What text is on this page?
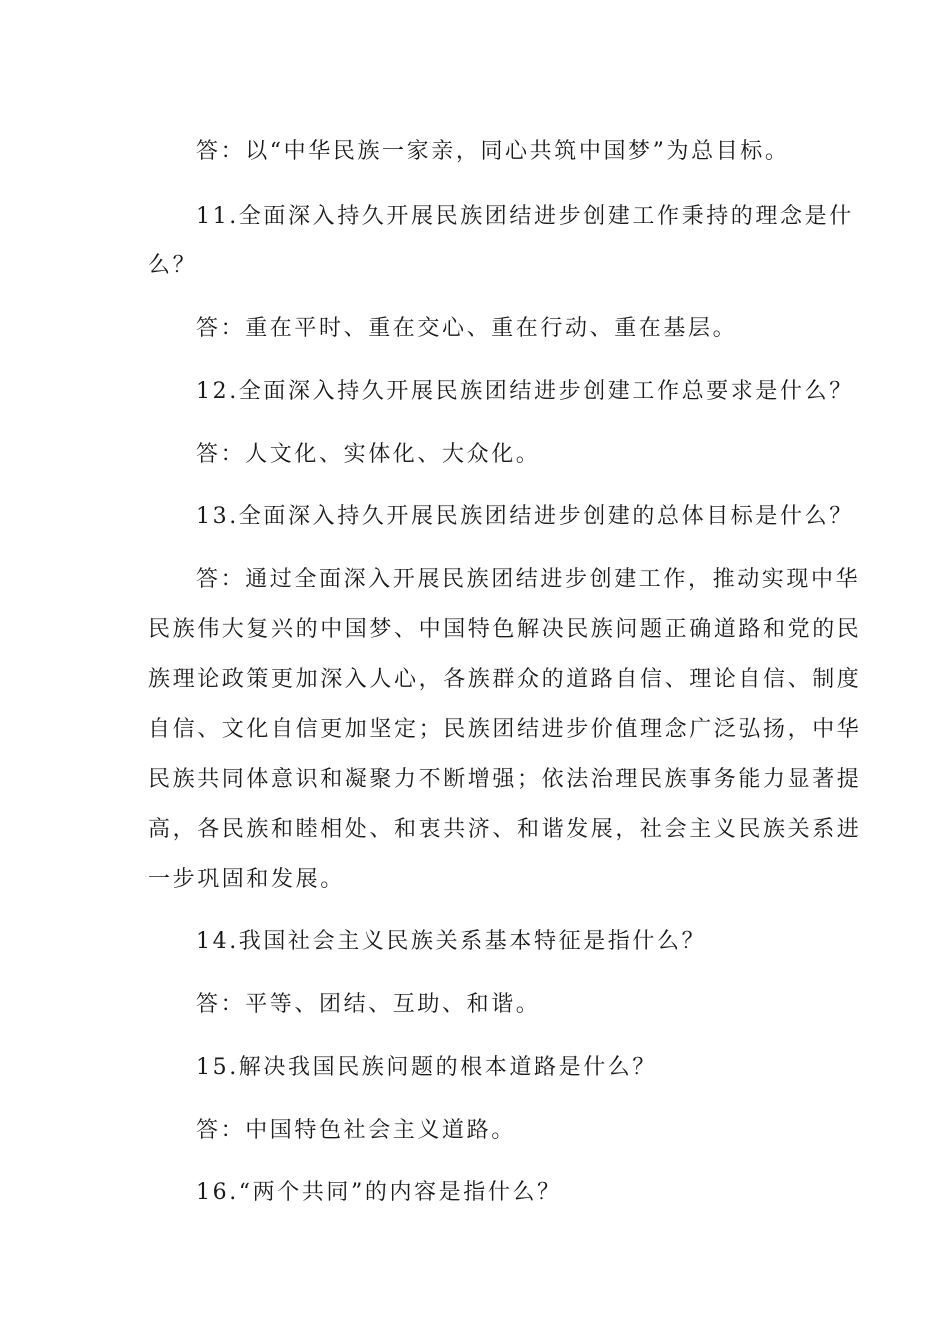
答：以“中华民族一家亲，同心共筑中国梦”为总目标。
11.全面深入持久开展民族团结进步创建工作秉持的理念是什
么？
答：重在平时、重在交心、重在行动、重在基层。
12.全面深入持久开展民族团结进步创建工作总要求是什么？
答：人文化、实体化、大众化。
13.全面深入持久开展民族团结进步创建的总体目标是什么？
答：通过全面深入开展民族团结进步创建工作，推动实现中华
民族伟大复兴的中国梦、中国特色解决民族问题正确道路和党的民
族理论政策更加深入人心，各族群众的道路自信、理论自信、制度
自信、文化自信更加坚定；民族团结进步价值理念广泛弘扬，中华
民族共同体意识和凝聚力不断增强；依法治理民族事务能力显著提
高，各民族和睦相处、和衷共济、和谐发展，社会主义民族关系进
一步巩固和发展。
14.我国社会主义民族关系基本特征是指什么？
答：平等、团结、互助、和谐。
15.解决我国民族问题的根本道路是什么？
答：中国特色社会主义道路。
16.“两个共同”的内容是指什么？
